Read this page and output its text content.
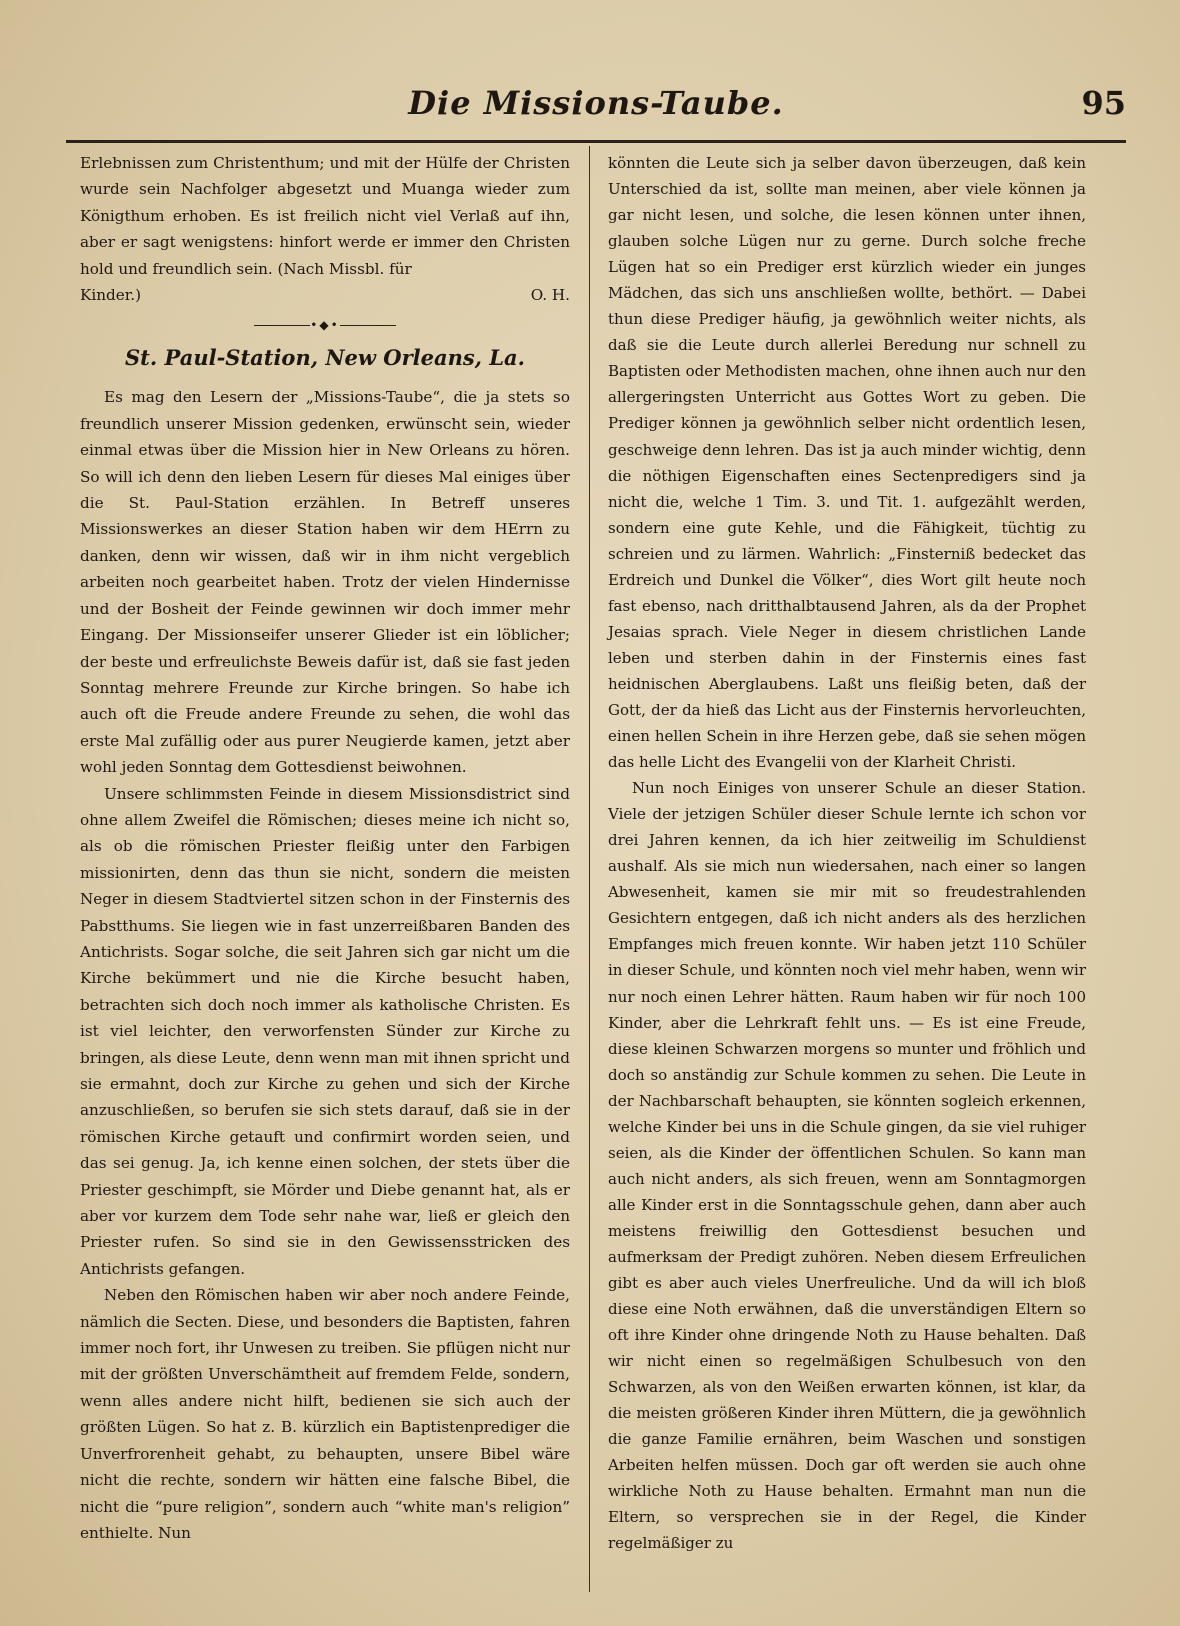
Die Missions-Taube.	95

Erlebnissen zum Christenthum; und mit der Hülfe der Christen wurde sein Nachfolger abgesetzt und Muanga wieder zum Königthum erhoben. Es ist freilich nicht viel Verlaß auf ihn, aber er sagt wenigstens: hinfort werde er immer den Christen hold und freundlich sein. (Nach Missbl. für

Kinder.)	O. H.
•◆•
St. Paul-Station, New Orleans, La.

Es mag den Lesern der „Missions-Taube“, die ja stets so freundlich unserer Mission gedenken, erwünscht sein, wieder einmal etwas über die Mission hier in New Orleans zu hören. So will ich denn den lieben Lesern für dieses Mal einiges über die St. Paul-Station erzählen. In Betreff unseres Missionswerkes an dieser Station haben wir dem HErrn zu danken, denn wir wissen, daß wir in ihm nicht vergeblich arbeiten noch gearbeitet haben. Trotz der vielen Hindernisse und der Bosheit der Feinde gewinnen wir doch immer mehr Eingang. Der Missionseifer unserer Glieder ist ein löblicher; der beste und erfreulichste Beweis dafür ist, daß sie fast jeden Sonntag mehrere Freunde zur Kirche bringen. So habe ich auch oft die Freude andere Freunde zu sehen, die wohl das erste Mal zufällig oder aus purer Neugierde kamen, jetzt aber wohl jeden Sonntag dem Gottesdienst beiwohnen.

Unsere schlimmsten Feinde in diesem Missionsdistrict sind ohne allem Zweifel die Römischen; dieses meine ich nicht so, als ob die römischen Priester fleißig unter den Farbigen missionirten, denn das thun sie nicht, sondern die meisten Neger in diesem Stadtviertel sitzen schon in der Finsternis des Pabstthums. Sie liegen wie in fast unzerreißbaren Banden des Antichrists. Sogar solche, die seit Jahren sich gar nicht um die Kirche bekümmert und nie die Kirche besucht haben, betrachten sich doch noch immer als katholische Christen. Es ist viel leichter, den verworfensten Sünder zur Kirche zu bringen, als diese Leute, denn wenn man mit ihnen spricht und sie ermahnt, doch zur Kirche zu gehen und sich der Kirche anzuschließen, so berufen sie sich stets darauf, daß sie in der römischen Kirche getauft und confirmirt worden seien, und das sei genug. Ja, ich kenne einen solchen, der stets über die Priester geschimpft, sie Mörder und Diebe genannt hat, als er aber vor kurzem dem Tode sehr nahe war, ließ er gleich den Priester rufen. So sind sie in den Gewissensstricken des Antichrists gefangen.

Neben den Römischen haben wir aber noch andere Feinde, nämlich die Secten. Diese, und besonders die Baptisten, fahren immer noch fort, ihr Unwesen zu treiben. Sie pflügen nicht nur mit der größten Unverschämtheit auf fremdem Felde, sondern, wenn alles andere nicht hilft, bedienen sie sich auch der größten Lügen. So hat z. B. kürzlich ein Baptistenprediger die Unverfrorenheit gehabt, zu behaupten, unsere Bibel wäre nicht die rechte, sondern wir hätten eine falsche Bibel, die nicht die “pure religion”, sondern auch “white man's religion” enthielte. Nun

könnten die Leute sich ja selber davon überzeugen, daß kein Unterschied da ist, sollte man meinen, aber viele können ja gar nicht lesen, und solche, die lesen können unter ihnen, glauben solche Lügen nur zu gerne. Durch solche freche Lügen hat so ein Prediger erst kürzlich wieder ein junges Mädchen, das sich uns anschließen wollte, bethört. — Dabei thun diese Prediger häufig, ja gewöhnlich weiter nichts, als daß sie die Leute durch allerlei Beredung nur schnell zu Baptisten oder Methodisten machen, ohne ihnen auch nur den allergeringsten Unterricht aus Gottes Wort zu geben. Die Prediger können ja gewöhnlich selber nicht ordentlich lesen, geschweige denn lehren. Das ist ja auch minder wichtig, denn die nöthigen Eigenschaften eines Sectenpredigers sind ja nicht die, welche 1 Tim. 3. und Tit. 1. aufgezählt werden, sondern eine gute Kehle, und die Fähigkeit, tüchtig zu schreien und zu lärmen. Wahrlich: „Finsterniß bedecket das Erdreich und Dunkel die Völker“, dies Wort gilt heute noch fast ebenso, nach dritthalbtausend Jahren, als da der Prophet Jesaias sprach. Viele Neger in diesem christlichen Lande leben und sterben dahin in der Finsternis eines fast heidnischen Aberglaubens. Laßt uns fleißig beten, daß der Gott, der da hieß das Licht aus der Finsternis hervorleuchten, einen hellen Schein in ihre Herzen gebe, daß sie sehen mögen das helle Licht des Evangelii von der Klarheit Christi.

Nun noch Einiges von unserer Schule an dieser Station. Viele der jetzigen Schüler dieser Schule lernte ich schon vor drei Jahren kennen, da ich hier zeitweilig im Schuldienst aushalf. Als sie mich nun wiedersahen, nach einer so langen Abwesenheit, kamen sie mir mit so freudestrahlenden Gesichtern entgegen, daß ich nicht anders als des herzlichen Empfanges mich freuen konnte. Wir haben jetzt 110 Schüler in dieser Schule, und könnten noch viel mehr haben, wenn wir nur noch einen Lehrer hätten. Raum haben wir für noch 100 Kinder, aber die Lehrkraft fehlt uns. — Es ist eine Freude, diese kleinen Schwarzen morgens so munter und fröhlich und doch so anständig zur Schule kommen zu sehen. Die Leute in der Nachbarschaft behaupten, sie könnten sogleich erkennen, welche Kinder bei uns in die Schule gingen, da sie viel ruhiger seien, als die Kinder der öffentlichen Schulen. So kann man auch nicht anders, als sich freuen, wenn am Sonntagmorgen alle Kinder erst in die Sonntagsschule gehen, dann aber auch meistens freiwillig den Gottesdienst besuchen und aufmerksam der Predigt zuhören. Neben diesem Erfreulichen gibt es aber auch vieles Unerfreuliche. Und da will ich bloß diese eine Noth erwähnen, daß die unverständigen Eltern so oft ihre Kinder ohne dringende Noth zu Hause behalten. Daß wir nicht einen so regelmäßigen Schulbesuch von den Schwarzen, als von den Weißen erwarten können, ist klar, da die meisten größeren Kinder ihren Müttern, die ja gewöhnlich die ganze Familie ernähren, beim Waschen und sonstigen Arbeiten helfen müssen. Doch gar oft werden sie auch ohne wirkliche Noth zu Hause behalten. Ermahnt man nun die Eltern, so versprechen sie in der Regel, die Kinder regelmäßiger zu
